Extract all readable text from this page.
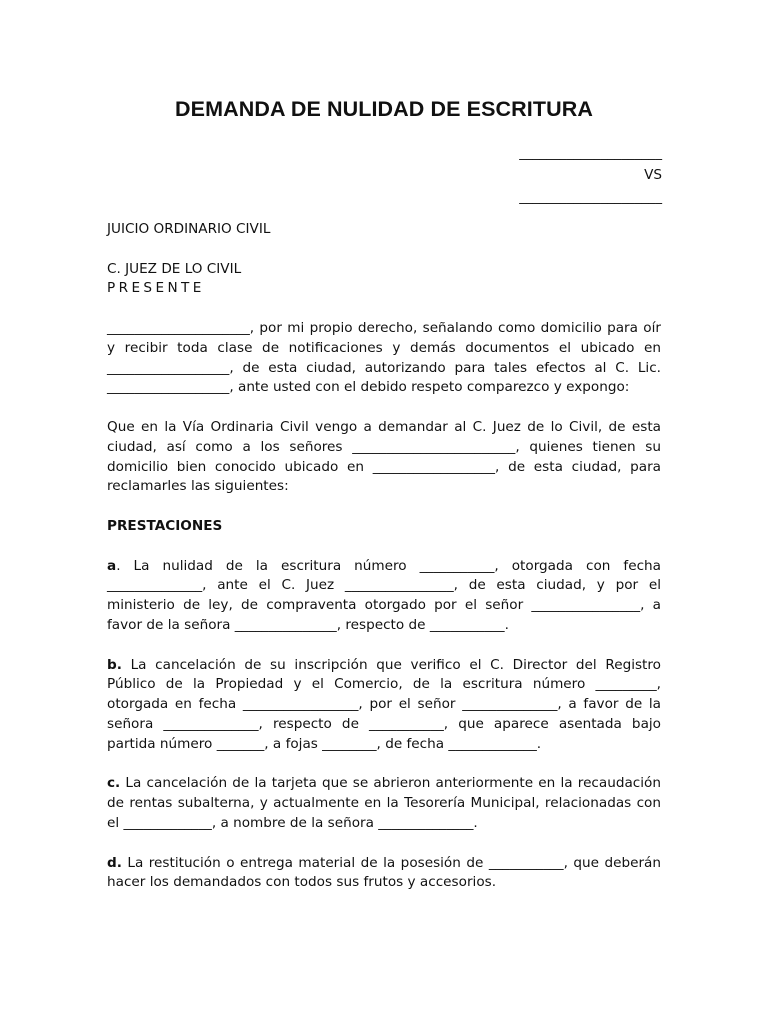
DEMANDA DE NULIDAD DE ESCRITURA
_____________________
VS
_____________________

JUICIO ORDINARIO CIVIL

C. JUEZ DE LO CIVIL
PRESENTE

_____________________, por mi propio derecho, señalando como domicilio para oír y recibir toda clase de notificaciones y demás documentos el ubicado en __________________, de esta ciudad, autorizando para tales efectos al C. Lic. __________________, ante usted con el debido respeto comparezco y expongo:

Que en la Vía Ordinaria Civil vengo a demandar al C. Juez de lo Civil, de esta ciudad, así como a los señores ________________________, quienes tienen su domicilio bien conocido ubicado en __________________, de esta ciudad, para reclamarles las siguientes:

PRESTACIONES

a. La nulidad de la escritura número ___________, otorgada con fecha ______________, ante el C. Juez ________________, de esta ciudad, y por el ministerio de ley, de compraventa otorgado por el señor ________________, a favor de la señora _______________, respecto de ___________.

b. La cancelación de su inscripción que verifico el C. Director del Registro Público de la Propiedad y el Comercio, de la escritura número _________, otorgada en fecha _________________, por el señor ______________, a favor de la señora ______________, respecto de ___________, que aparece asentada bajo partida número _______, a fojas ________, de fecha _____________.

c. La cancelación de la tarjeta que se abrieron anteriormente en la recaudación de rentas subalterna, y actualmente en la Tesorería Municipal, relacionadas con el _____________, a nombre de la señora ______________.

d. La restitución o entrega material de la posesión de ___________, que deberán hacer los demandados con todos sus frutos y accesorios.
